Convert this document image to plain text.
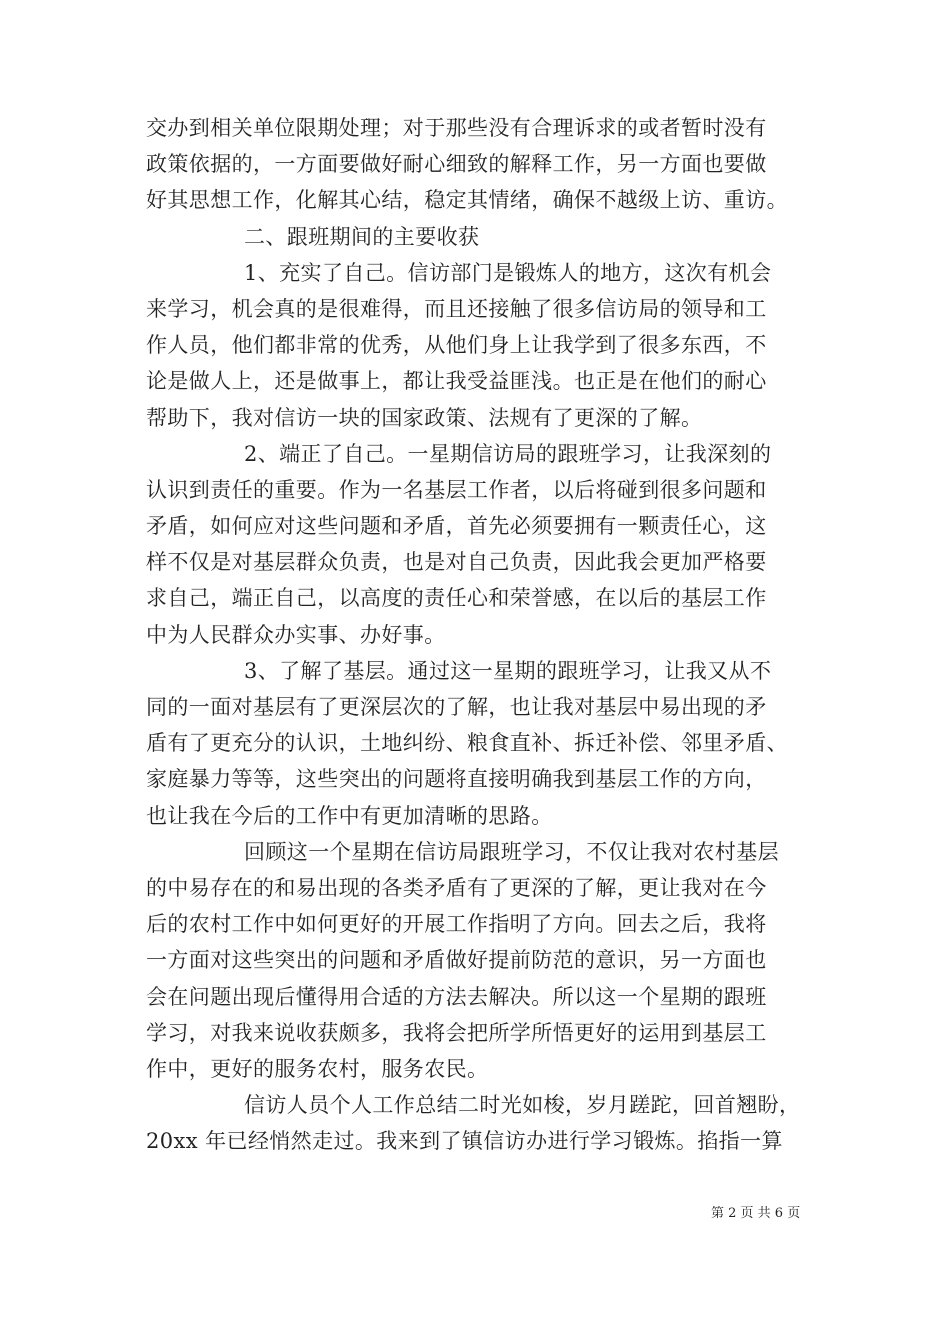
交办到相关单位限期处理；对于那些没有合理诉求的或者暂时没有
政策依据的，一方面要做好耐心细致的解释工作，另一方面也要做
好其思想工作，化解其心结，稳定其情绪，确保不越级上访、重访。
二、跟班期间的主要收获
1、充实了自己。信访部门是锻炼人的地方，这次有机会
来学习，机会真的是很难得，而且还接触了很多信访局的领导和工
作人员，他们都非常的优秀，从他们身上让我学到了很多东西，不
论是做人上，还是做事上，都让我受益匪浅。也正是在他们的耐心
帮助下，我对信访一块的国家政策、法规有了更深的了解。
2、端正了自己。一星期信访局的跟班学习，让我深刻的
认识到责任的重要。作为一名基层工作者，以后将碰到很多问题和
矛盾，如何应对这些问题和矛盾，首先必须要拥有一颗责任心，这
样不仅是对基层群众负责，也是对自己负责，因此我会更加严格要
求自己，端正自己，以高度的责任心和荣誉感，在以后的基层工作
中为人民群众办实事、办好事。
3、了解了基层。通过这一星期的跟班学习，让我又从不
同的一面对基层有了更深层次的了解，也让我对基层中易出现的矛
盾有了更充分的认识，土地纠纷、粮食直补、拆迁补偿、邻里矛盾、
家庭暴力等等，这些突出的问题将直接明确我到基层工作的方向，
也让我在今后的工作中有更加清晰的思路。
回顾这一个星期在信访局跟班学习，不仅让我对农村基层
的中易存在的和易出现的各类矛盾有了更深的了解，更让我对在今
后的农村工作中如何更好的开展工作指明了方向。回去之后，我将
一方面对这些突出的问题和矛盾做好提前防范的意识，另一方面也
会在问题出现后懂得用合适的方法去解决。所以这一个星期的跟班
学习，对我来说收获颇多，我将会把所学所悟更好的运用到基层工
作中，更好的服务农村，服务农民。
信访人员个人工作总结二时光如梭，岁月蹉跎，回首翘盼，
20xx 年已经悄然走过。我来到了镇信访办进行学习锻炼。掐指一算
第 2 页 共 6 页
